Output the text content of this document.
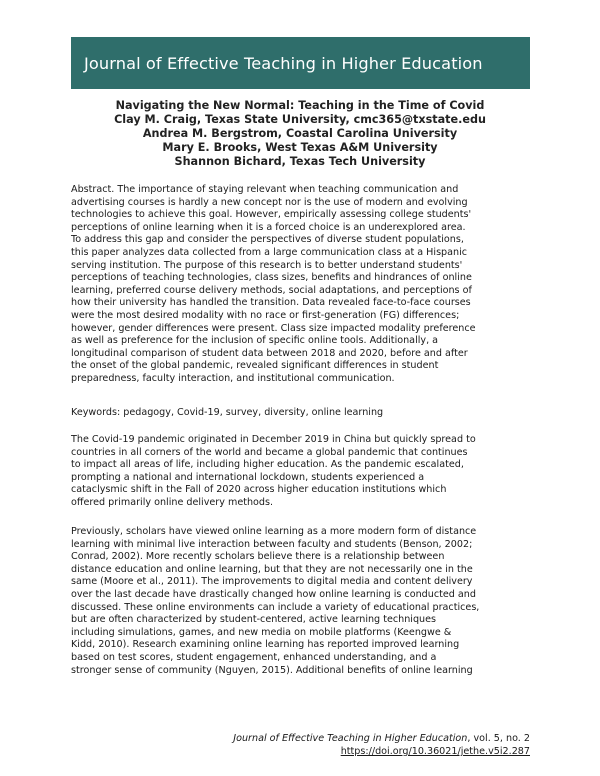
Journal of Effective Teaching in Higher Education
Navigating the New Normal: Teaching in the Time of Covid
Clay M. Craig, Texas State University, cmc365@txstate.edu
Andrea M. Bergstrom, Coastal Carolina University
Mary E. Brooks, West Texas A&M University
Shannon Bichard, Texas Tech University

Abstract. The importance of staying relevant when teaching communication and
advertising courses is hardly a new concept nor is the use of modern and evolving
technologies to achieve this goal. However, empirically assessing college students'
perceptions of online learning when it is a forced choice is an underexplored area.
To address this gap and consider the perspectives of diverse student populations,
this paper analyzes data collected from a large communication class at a Hispanic
serving institution. The purpose of this research is to better understand students'
perceptions of teaching technologies, class sizes, benefits and hindrances of online
learning, preferred course delivery methods, social adaptations, and perceptions of
how their university has handled the transition. Data revealed face-to-face courses
were the most desired modality with no race or first-generation (FG) differences;
however, gender differences were present. Class size impacted modality preference
as well as preference for the inclusion of specific online tools. Additionally, a
longitudinal comparison of student data between 2018 and 2020, before and after
the onset of the global pandemic, revealed significant differences in student
preparedness, faculty interaction, and institutional communication.

Keywords: pedagogy, Covid-19, survey, diversity, online learning

The Covid-19 pandemic originated in December 2019 in China but quickly spread to
countries in all corners of the world and became a global pandemic that continues
to impact all areas of life, including higher education. As the pandemic escalated,
prompting a national and international lockdown, students experienced a
cataclysmic shift in the Fall of 2020 across higher education institutions which
offered primarily online delivery methods.

Previously, scholars have viewed online learning as a more modern form of distance
learning with minimal live interaction between faculty and students (Benson, 2002;
Conrad, 2002). More recently scholars believe there is a relationship between
distance education and online learning, but that they are not necessarily one in the
same (Moore et al., 2011). The improvements to digital media and content delivery
over the last decade have drastically changed how online learning is conducted and
discussed. These online environments can include a variety of educational practices,
but are often characterized by student-centered, active learning techniques
including simulations, games, and new media on mobile platforms (Keengwe &
Kidd, 2010). Research examining online learning has reported improved learning
based on test scores, student engagement, enhanced understanding, and a
stronger sense of community (Nguyen, 2015). Additional benefits of online learning

Journal of Effective Teaching in Higher Education, vol. 5, no. 2
https://doi.org/10.36021/jethe.v5i2.287
